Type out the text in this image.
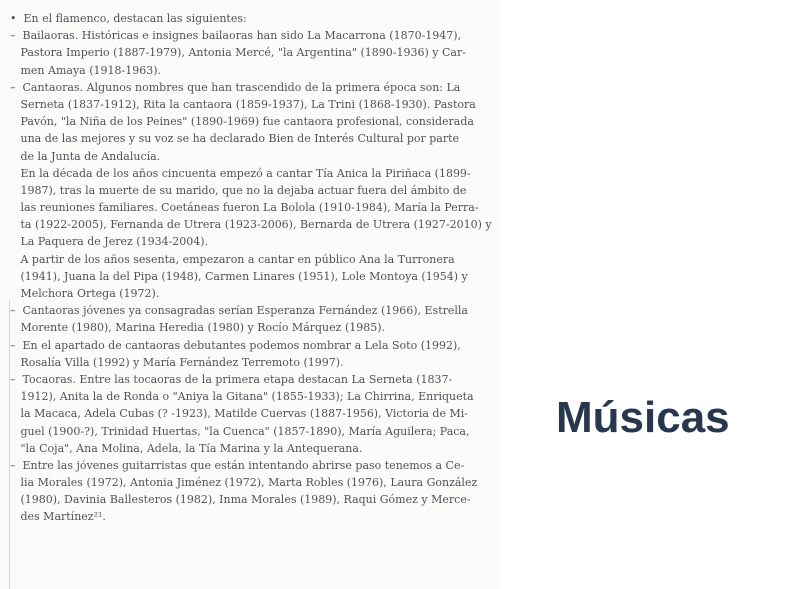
•  En el flamenco, destacan las siguientes:
–  Bailaoras. Históricas e insignes bailaoras han sido La Macarrona (1870-1947),
Pastora Imperio (1887-1979), Antonia Mercé, "la Argentina" (1890-1936) y Car-
men Amaya (1918-1963).
–  Cantaoras. Algunos nombres que han trascendido de la primera época son: La
Serneta (1837-1912), Rita la cantaora (1859-1937), La Trini (1868-1930). Pastora
Pavón, "la Niña de los Peines" (1890-1969) fue cantaora profesional, considerada
una de las mejores y su voz se ha declarado Bien de Interés Cultural por parte
de la Junta de Andalucía.
En la década de los años cincuenta empezó a cantar Tía Anica la Piriñaca (1899-
1987), tras la muerte de su marido, que no la dejaba actuar fuera del ámbito de
las reuniones familiares. Coetáneas fueron La Bolola (1910-1984), María la Perra-
ta (1922-2005), Fernanda de Utrera (1923-2006), Bernarda de Utrera (1927-2010) y
La Paquera de Jerez (1934-2004).
A partir de los años sesenta, empezaron a cantar en público Ana la Turronera
(1941), Juana la del Pipa (1948), Carmen Linares (1951), Lole Montoya (1954) y
Melchora Ortega (1972).
–  Cantaoras jóvenes ya consagradas serían Esperanza Fernández (1966), Estrella
Morente (1980), Marina Heredia (1980) y Rocío Márquez (1985).
–  En el apartado de cantaoras debutantes podemos nombrar a Lela Soto (1992),
Rosalía Villa (1992) y María Fernández Terremoto (1997).
–  Tocaoras. Entre las tocaoras de la primera etapa destacan La Serneta (1837-
1912), Anita la de Ronda o "Aniya la Gitana" (1855-1933); La Chirrina, Enriqueta
la Macaca, Adela Cubas (? -1923), Matilde Cuervas (1887-1956), Victoria de Mi-
guel (1900-?), Trinidad Huertas, "la Cuenca" (1857-1890), María Aguilera; Paca,
"la Coja", Ana Molina, Adela, la Tía Marina y la Antequerana.
–  Entre las jóvenes guitarristas que están intentando abrirse paso tenemos a Ce-
lia Morales (1972), Antonia Jiménez (1972), Marta Robles (1976), Laura González
(1980), Davinia Ballesteros (1982), Inma Morales (1989), Raqui Gómez y Merce-
des Martínez²¹.
Músicas
